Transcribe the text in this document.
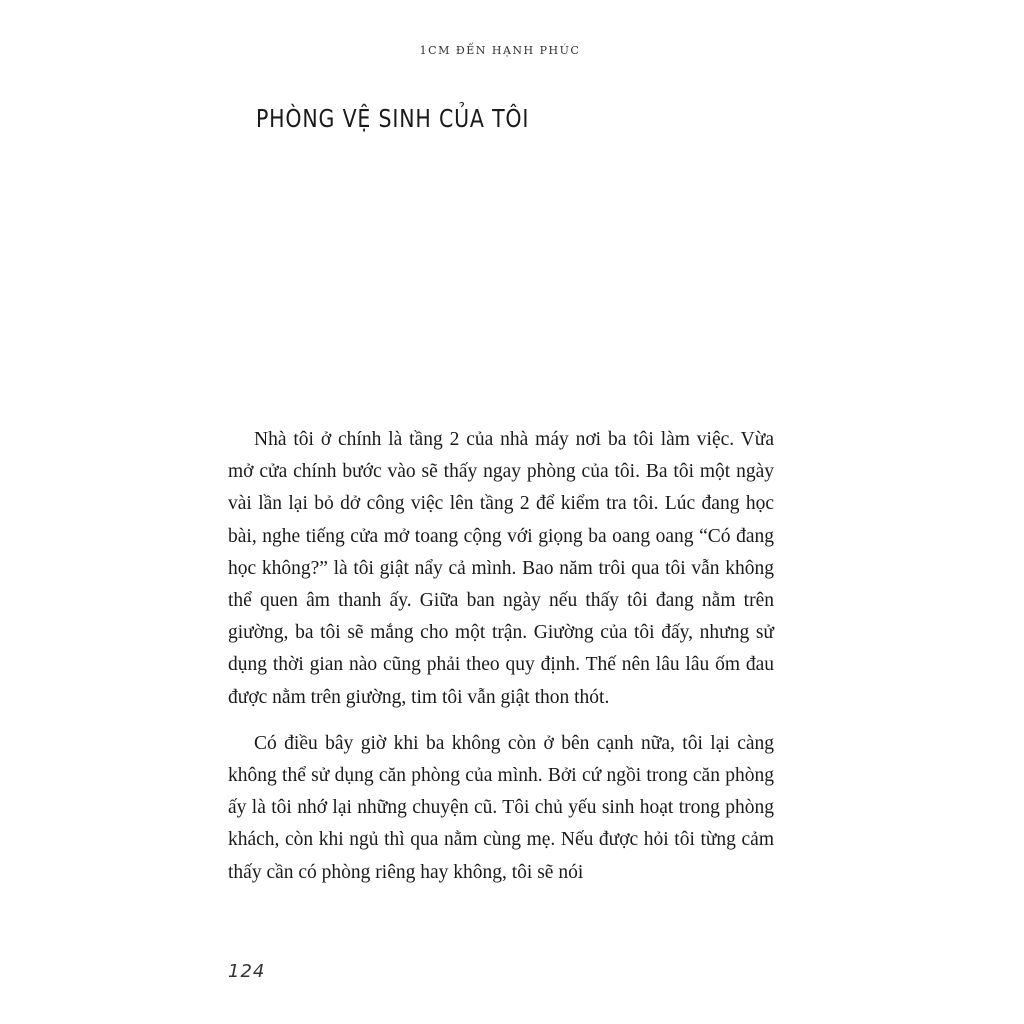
1CM ĐẾN HẠNH PHÚC
PHÒNG VỆ SINH CỦA TÔI

Nhà tôi ở chính là tầng 2 của nhà máy nơi ba tôi làm việc. Vừa mở cửa chính bước vào sẽ thấy ngay phòng của tôi. Ba tôi một ngày vài lần lại bỏ dở công việc lên tầng 2 để kiểm tra tôi. Lúc đang học bài, nghe tiếng cửa mở toang cộng với giọng ba oang oang “Có đang học không?” là tôi giật nẩy cả mình. Bao năm trôi qua tôi vẫn không thể quen âm thanh ấy. Giữa ban ngày nếu thấy tôi đang nằm trên giường, ba tôi sẽ mắng cho một trận. Giường của tôi đấy, nhưng sử dụng thời gian nào cũng phải theo quy định. Thế nên lâu lâu ốm đau được nằm trên giường, tim tôi vẫn giật thon thót.

Có điều bây giờ khi ba không còn ở bên cạnh nữa, tôi lại càng không thể sử dụng căn phòng của mình. Bởi cứ ngồi trong căn phòng ấy là tôi nhớ lại những chuyện cũ. Tôi chủ yếu sinh hoạt trong phòng khách, còn khi ngủ thì qua nằm cùng mẹ. Nếu được hỏi tôi từng cảm thấy cần có phòng riêng hay không, tôi sẽ nói

124
